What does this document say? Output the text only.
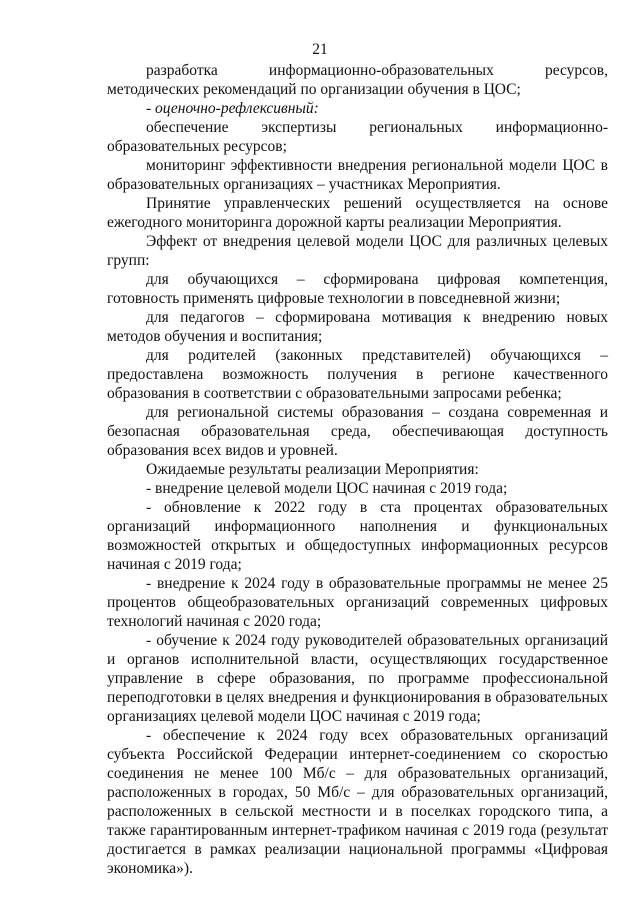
21

разработка информационно-образовательных ресурсов, методических рекомендаций по организации обучения в ЦОС;

- оценочно-рефлексивный:

обеспечение экспертизы региональных информационно-образовательных ресурсов;

мониторинг эффективности внедрения региональной модели ЦОС в образовательных организациях – участниках Мероприятия.

Принятие управленческих решений осуществляется на основе ежегодного мониторинга дорожной карты реализации Мероприятия.

Эффект от внедрения целевой модели ЦОС для различных целевых групп:

для обучающихся – сформирована цифровая компетенция, готовность применять цифровые технологии в повседневной жизни;

для педагогов – сформирована мотивация к внедрению новых методов обучения и воспитания;

для родителей (законных представителей) обучающихся – предоставлена возможность получения в регионе качественного образования в соответствии с образовательными запросами ребенка;

для региональной системы образования – создана современная и безопасная образовательная среда, обеспечивающая доступность образования всех видов и уровней.

Ожидаемые результаты реализации Мероприятия:

- внедрение целевой модели ЦОС начиная с 2019 года;

- обновление к 2022 году в ста процентах образовательных организаций информационного наполнения и функциональных возможностей открытых и общедоступных информационных ресурсов начиная с 2019 года;

- внедрение к 2024 году в образовательные программы не менее 25 процентов общеобразовательных организаций современных цифровых технологий начиная с 2020 года;

- обучение к 2024 году руководителей образовательных организаций и органов исполнительной власти, осуществляющих государственное управление в сфере образования, по программе профессиональной переподготовки в целях внедрения и функционирования в образовательных организациях целевой модели ЦОС начиная с 2019 года;

- обеспечение к 2024 году всех образовательных организаций субъекта Российской Федерации интернет-соединением со скоростью соединения не менее 100 Мб/с – для образовательных организаций, расположенных в городах, 50 Мб/с – для образовательных организаций, расположенных в сельской местности и в поселках городского типа, а также гарантированным интернет-трафиком начиная с 2019 года (результат достигается в рамках реализации национальной программы «Цифровая экономика»).
